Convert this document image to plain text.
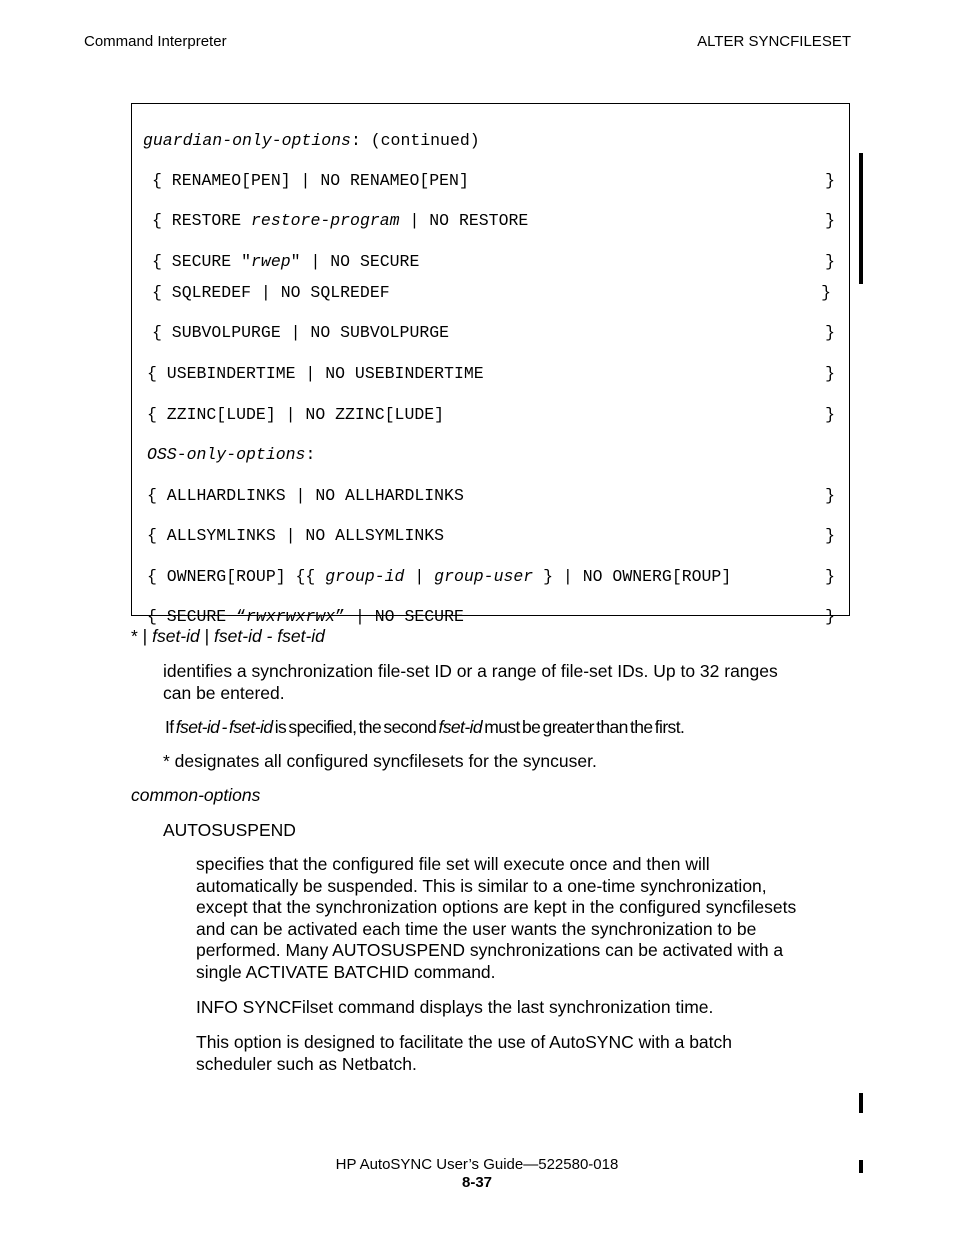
Command Interpreter	ALTER SYNCFILESET

guardian-only-options: (continued)

{ RENAMEO[PEN] | NO RENAMEO[PEN]	}

{ RESTORE restore-program | NO RESTORE	}

{ SECURE "rwep" | NO SECURE	}

{ SQLREDEF | NO SQLREDEF	}

{ SUBVOLPURGE | NO SUBVOLPURGE	}

{ USEBINDERTIME | NO USEBINDERTIME	}

{ ZZINC[LUDE] | NO ZZINC[LUDE]	}

OSS-only-options:

{ ALLHARDLINKS | NO ALLHARDLINKS	}

{ ALLSYMLINKS | NO ALLSYMLINKS	}

{ OWNERG[ROUP] {{ group-id | group-user } | NO OWNERG[ROUP]	}

{ SECURE “rwxrwxrwx” | NO SECURE	}

* | fset-id | fset-id - fset-id
identifies a synchronization file-set ID or a range of file-set IDs. Up to 32 ranges
can be entered.
If fset-id - fset-id is specified, the second fset-id must be greater than the first.
* designates all configured syncfilesets for the syncuser.
common-options
AUTOSUSPEND
specifies that the configured file set will execute once and then will
automatically be suspended. This is similar to a one-time synchronization,
except that the synchronization options are kept in the configured syncfilesets
and can be activated each time the user wants the synchronization to be
performed. Many AUTOSUSPEND synchronizations can be activated with a
single ACTIVATE BATCHID command.
INFO SYNCFilset command displays the last synchronization time.
This option is designed to facilitate the use of AutoSYNC with a batch
scheduler such as Netbatch.
HP AutoSYNC User’s Guide—522580-018
8-37
